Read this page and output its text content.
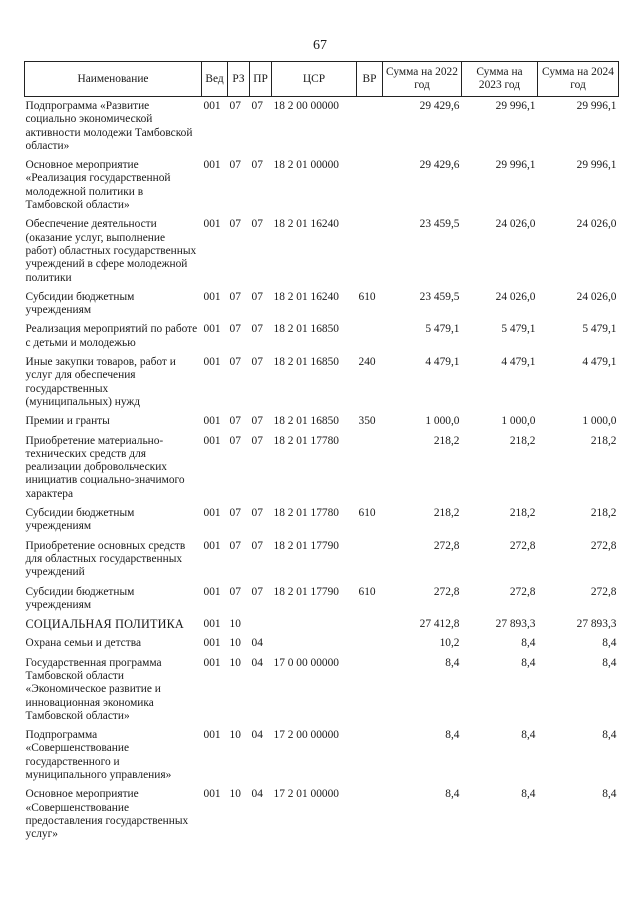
67
Наименование	Вед	РЗ	ПР	ЦСР	ВР	Сумма на 2022 год	Сумма на 2023 год	Сумма на 2024 год
Подпрограмма «Развитие социально экономической активности молодежи Тамбовской области»	001	07	07	18 2 00 00000		29 429,6	29 996,1	29 996,1
Основное мероприятие «Реализация государственной молодежной политики в Тамбовской области»	001	07	07	18 2 01 00000		29 429,6	29 996,1	29 996,1
Обеспечение деятельности (оказание услуг, выполнение работ) областных государственных учреждений в сфере молодежной политики	001	07	07	18 2 01 16240		23 459,5	24 026,0	24 026,0
Субсидии бюджетным учреждениям	001	07	07	18 2 01 16240	610	23 459,5	24 026,0	24 026,0
Реализация мероприятий по работе с детьми и молодежью	001	07	07	18 2 01 16850		5 479,1	5 479,1	5 479,1
Иные закупки товаров, работ и услуг для обеспечения государственных (муниципальных) нужд	001	07	07	18 2 01 16850	240	4 479,1	4 479,1	4 479,1
Премии и гранты	001	07	07	18 2 01 16850	350	1 000,0	1 000,0	1 000,0
Приобретение материально-технических средств для реализации добровольческих инициатив социально-значимого характера	001	07	07	18 2 01 17780		218,2	218,2	218,2
Субсидии бюджетным учреждениям	001	07	07	18 2 01 17780	610	218,2	218,2	218,2
Приобретение основных средств для областных государственных учреждений	001	07	07	18 2 01 17790		272,8	272,8	272,8
Субсидии бюджетным учреждениям	001	07	07	18 2 01 17790	610	272,8	272,8	272,8
СОЦИАЛЬНАЯ ПОЛИТИКА	001	10				27 412,8	27 893,3	27 893,3
Охрана семьи и детства	001	10	04			10,2	8,4	8,4
Государственная программа Тамбовской области «Экономическое развитие и инновационная экономика Тамбовской области»	001	10	04	17 0 00 00000		8,4	8,4	8,4
Подпрограмма «Совершенствование государственного и муниципального управления»	001	10	04	17 2 00 00000		8,4	8,4	8,4
Основное мероприятие «Совершенствование предоставления государственных услуг»	001	10	04	17 2 01 00000		8,4	8,4	8,4
